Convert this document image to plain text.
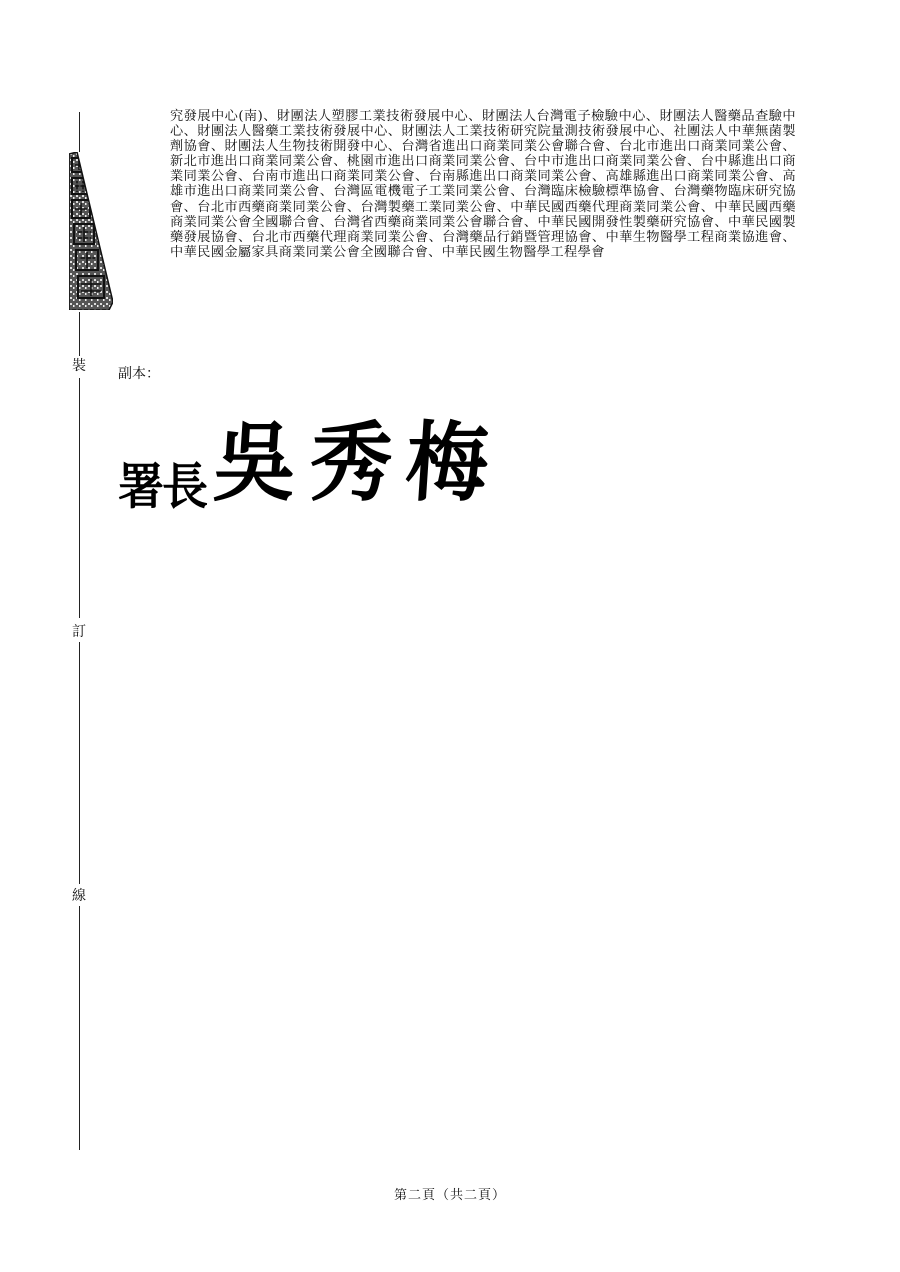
裝
訂
線
究發展中心(南)、財團法人塑膠工業技術發展中心、財團法人台灣電子檢驗中心、財團法人醫藥品查驗中心、財團法人醫藥工業技術發展中心、財團法人工業技術研究院量測技術發展中心、社團法人中華無菌製劑協會、財團法人生物技術開發中心、台灣省進出口商業同業公會聯合會、台北市進出口商業同業公會、新北市進出口商業同業公會、桃園市進出口商業同業公會、台中市進出口商業同業公會、台中縣進出口商業同業公會、台南市進出口商業同業公會、台南縣進出口商業同業公會、高雄縣進出口商業同業公會、高雄市進出口商業同業公會、台灣區電機電子工業同業公會、台灣臨床檢驗標準協會、台灣藥物臨床研究協會、台北市西藥商業同業公會、台灣製藥工業同業公會、中華民國西藥代理商業同業公會、中華民國西藥商業同業公會全國聯合會、台灣省西藥商業同業公會聯合會、中華民國開發性製藥研究協會、中華民國製藥發展協會、台北市西藥代理商業同業公會、台灣藥品行銷暨管理協會、中華生物醫學工程商業協進會、中華民國金屬家具商業同業公會全國聯合會、中華民國生物醫學工程學會
副本：
署長 吳秀梅
第二頁（共二頁）
